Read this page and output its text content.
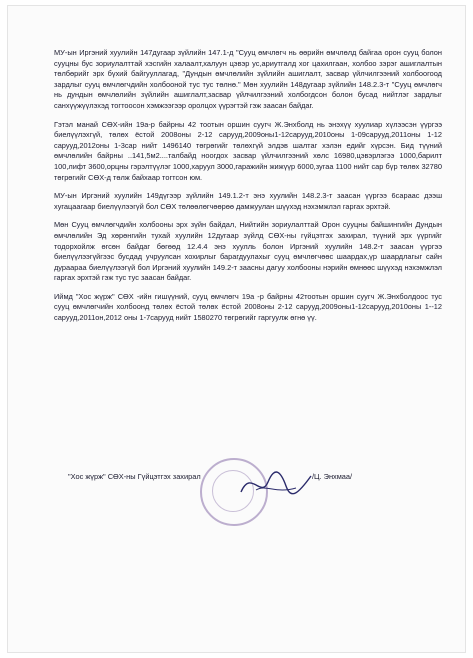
МУ-ын Иргэний хуулийн 147дугаар зүйлийн 147.1-д "Сууц өмчлөгч нь өөрийн өмчлөлд байгаа орон сууц болон сууцны бус зориулалттай хэсгийн халаалт,халуун цэвэр ус,ариутгалд хог цахилгаан, холбоо зэрэг ашиглалтын төлбөрийг эрх бүхий байгууллагад, "Дундын өмчлөлийн зүйлийн ашиглалт, засвар үйлчилгээний холбоогоод зардлыг сууц өмчлөгчдийн холбооной тус тус төлнө." Мөн хуулийн 148дугаар зүйлийн 148.2.3-т "Сууц өмчлөгч нь дундын өмчлөлийн зүйлийн ашиглалт,засвар үйлчилгээний холбогдсон болон бусад нийтлэг зардлыг санхүүжүүлэхэд тогтоосон хэмжээгээр оролцох үүрэгтэй гэж заасан байдаг.

Гэтэл манай СӨХ-ийн 19а-р байрны 42 тоотын оршин суугч Ж.Энхболд нь энэхүү хуулиар хүлээсэн үүргээ биелүүлэхгүй, төлөх ёстой 2008оны 2-12 сарууд,2009оны1-12сарууд,2010оны 1-09сарууд,2011оны 1-12 сарууд,2012оны 1-3сар нийт 1496140 төгрөгийг төлөхгүй элдэв шалтаг хэлэн едийг хүрсэн. Бид түүний өмчлөлийн байрны ..141,5м2....талбайд ноогдох засвар үйлчилгээний хөлс 16980,цэвэрлэгээ 1000,барилт 100,лифт 3600,орцны гэрэлтүүлэг 1000,харуул 3000,гаражийн жижүүр 6000,зугаа 1100 нийт сар бүр төлөх 32780 төгрөгийг СӨХ-д төлж байхаар тогтсон юм.

МУ-ын Иргэний хуулийн 149дүгээр зүйлийн 149.1.2-т энэ хуулийн 148.2.3-т заасан үүргээ 6сараас дээш хугацаагаар биелүүлээгүй бол СӨХ төлөөлөгчөөрөө дамжуулан шүүхэд нэхэмжлэл гаргах эрхтэй.

Мөн Сууц өмчлөгчдийн холбооны эрх зүйн байдал, Нийтийн зориулалттай Орон сууцны байшингийн Дундын өмчлөлийн Эд хөрөнгийн тухай хуулийн 12дугаар зүйлд СӨХ-ны гүйцэтгэх захирал, түүний эрх үүргийг тодорхойлж өгсөн байдаг бөгөөд 12.4.4 энэ хуулль болон Иргэний хуулийн 148.2-т заасан үүргээ биелүүлээгүйгээс бусдад учруулсан хохирлыг барагдуулахыг сууц өмчлөгчөөс шаардах,үр шаардлагыг сайн дураараа биелүүлээгүй бол Иргэний хуулийн 149.2-т заасны дагуу холбооны нэрийн өмнөөс шүүхэд нэхэмжлэл гаргах эрхтэй гэж тус тус заасан байдаг.

Иймд "Хос жүрж" СӨХ -ийн гишүүний, сууц өмчлөгч 19а -р байрны 42тоотын оршин суугч Ж.Энхболдоос тус сууц өмчлөгчийн холбоонд төлөх ёстой төлөх ёстой 2008оны 2-12 сарууд,2009оны1-12сарууд,2010оны 1--12 сарууд,2011он,2012 оны 1-7сарууд нийт 1580270 төгрөгийг гаргуулж өгнө үү.

"Хос жүрж" СӨХ-ны Гүйцэтгэх захирал	/Ц. Энхмаа/
